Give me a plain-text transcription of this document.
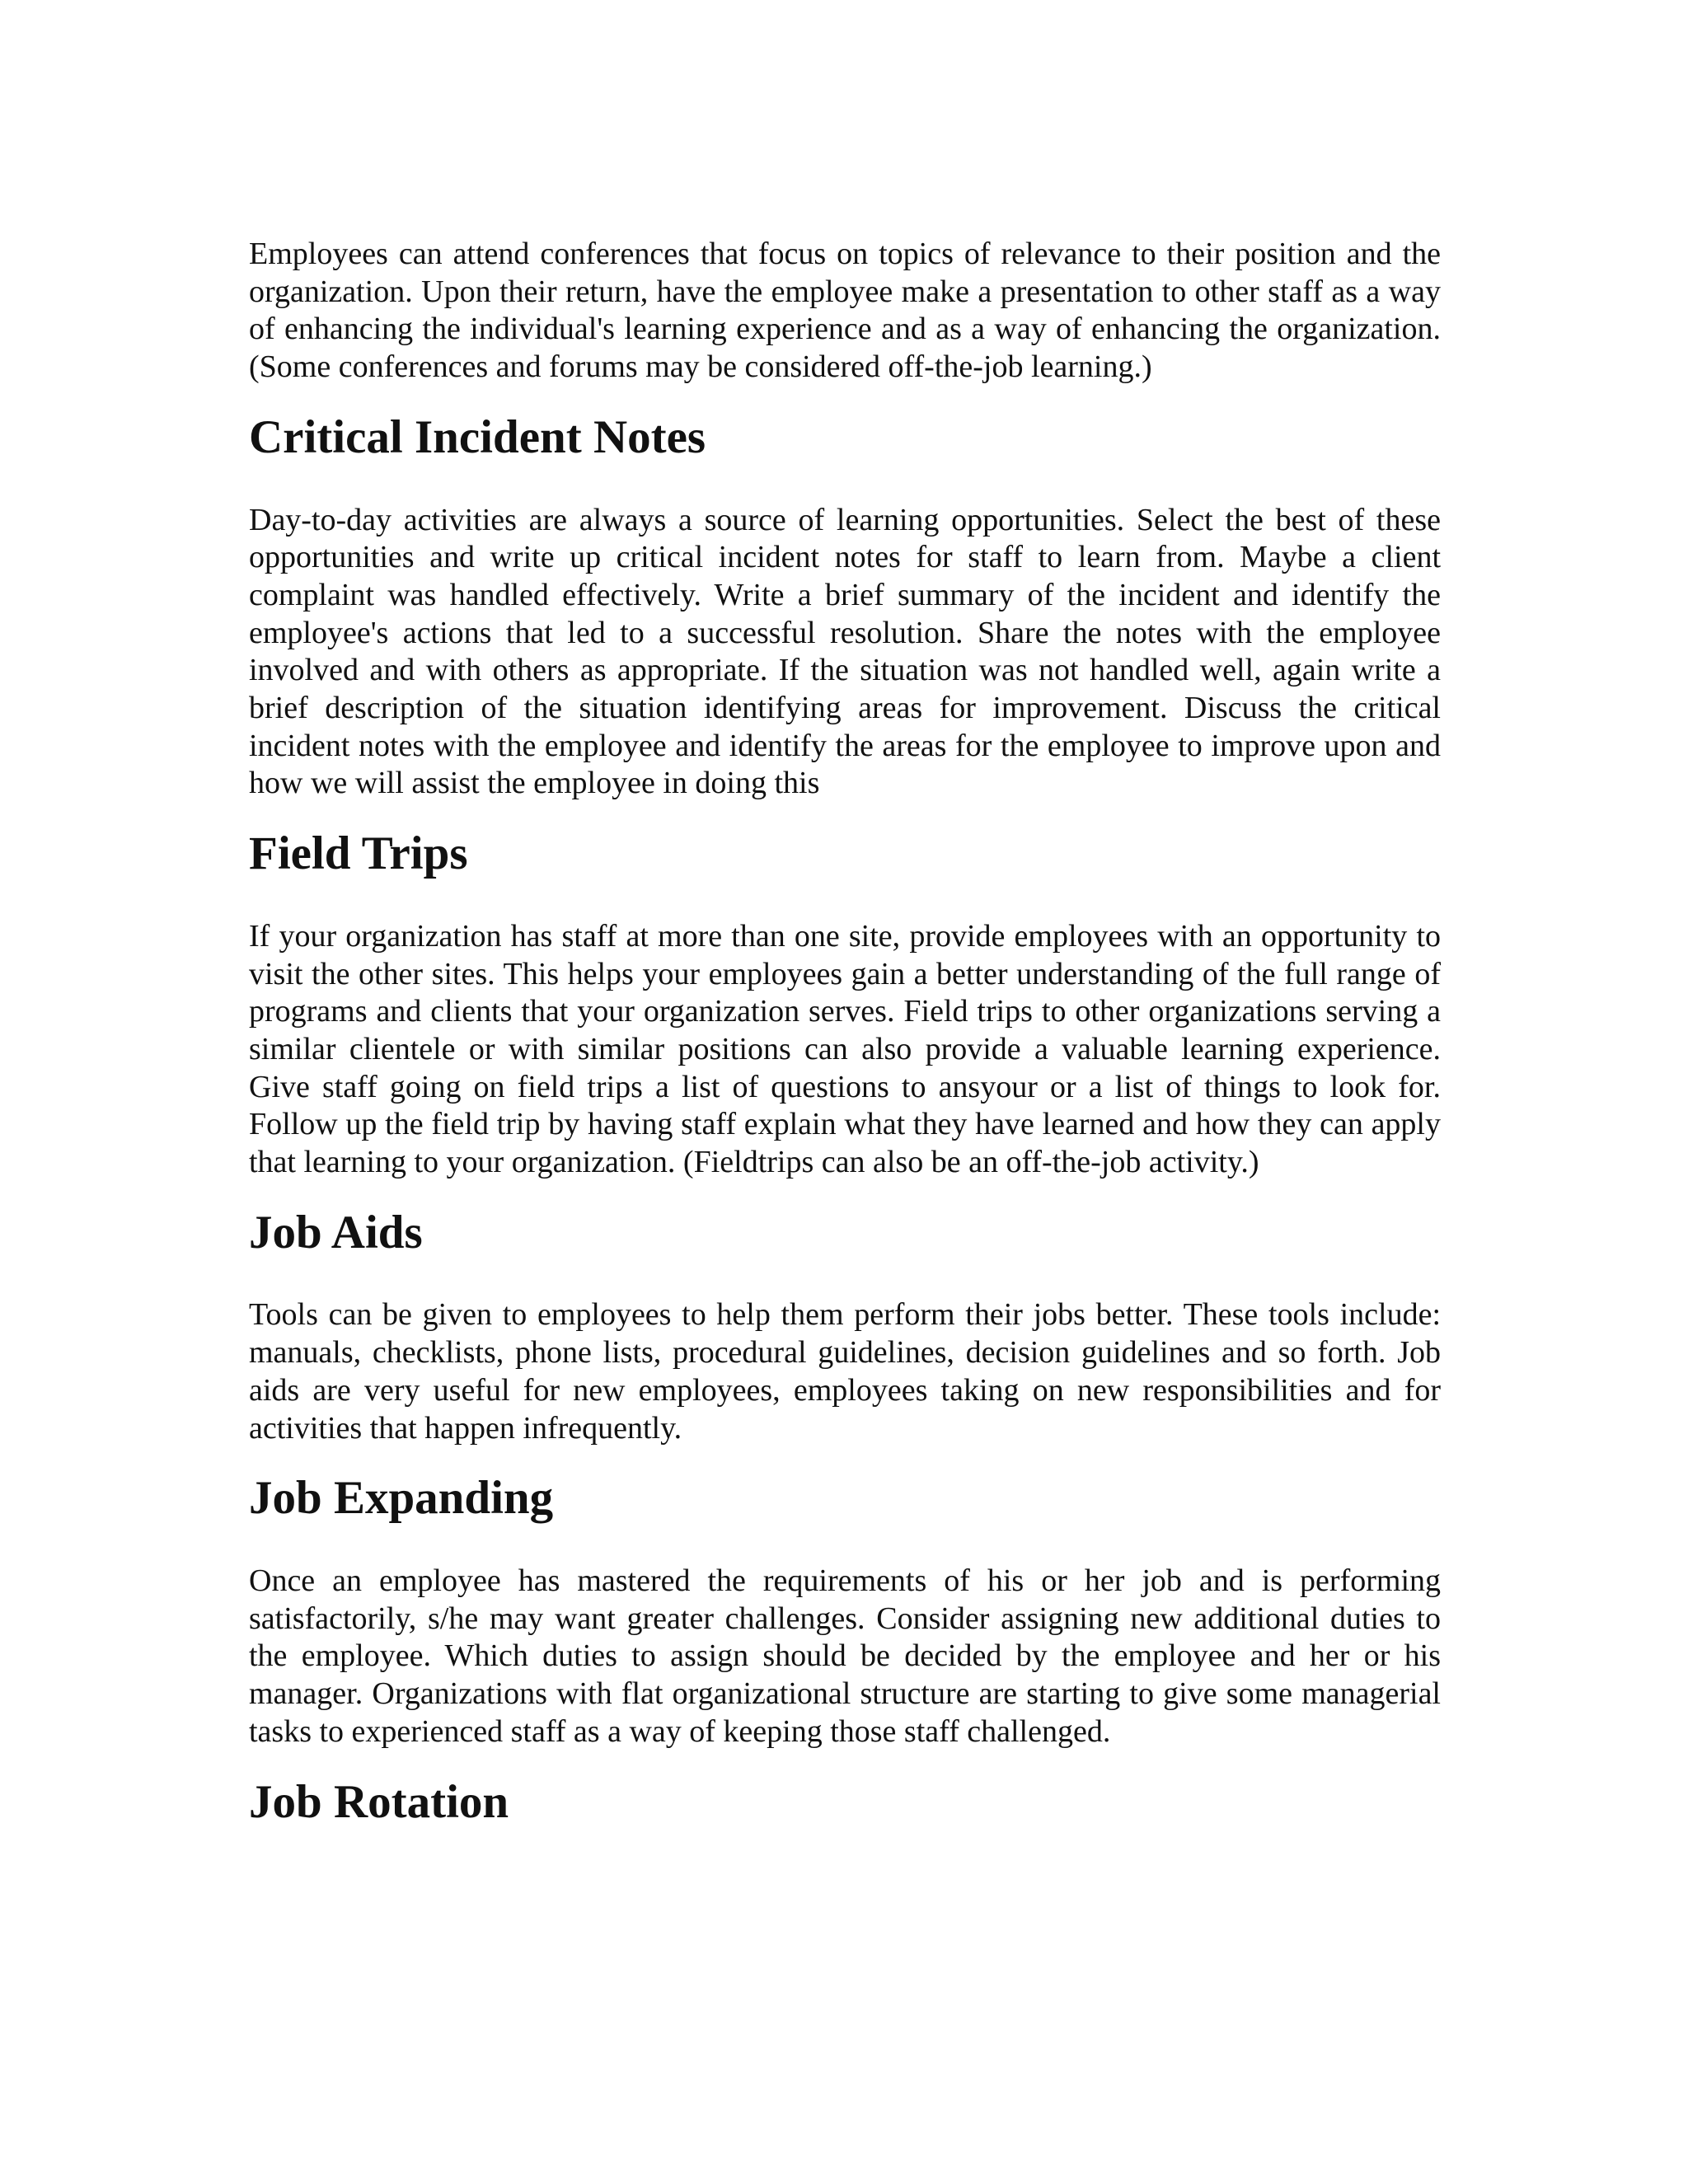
Employees can attend conferences that focus on topics of relevance to their position and the organization. Upon their return, have the employee make a presentation to other staff as a way of enhancing the individual's learning experience and as a way of enhancing the organization. (Some conferences and forums may be considered off-the-job learning.)

Critical Incident Notes

Day-to-day activities are always a source of learning opportunities. Select the best of these opportunities and write up critical incident notes for staff to learn from. Maybe a client complaint was handled effectively. Write a brief summary of the incident and identify the employee's actions that led to a successful resolution. Share the notes with the employee involved and with others as appropriate. If the situation was not handled well, again write a brief description of the situation identifying areas for improvement. Discuss the critical incident notes with the employee and identify the areas for the employee to improve upon and how we will assist the employee in doing this

Field Trips

If your organization has staff at more than one site, provide employees with an opportunity to visit the other sites. This helps your employees gain a better understanding of the full range of programs and clients that your organization serves. Field trips to other organizations serving a similar clientele or with similar positions can also provide a valuable learning experience. Give staff going on field trips a list of questions to ansyour or a list of things to look for. Follow up the field trip by having staff explain what they have learned and how they can apply that learning to your organization. (Fieldtrips can also be an off-the-job activity.)

Job Aids

Tools can be given to employees to help them perform their jobs better. These tools include: manuals, checklists, phone lists, procedural guidelines, decision guidelines and so forth. Job aids are very useful for new employees, employees taking on new responsibilities and for activities that happen infrequently.

Job Expanding

Once an employee has mastered the requirements of his or her job and is performing satisfactorily, s/he may want greater challenges. Consider assigning new additional duties to the employee. Which duties to assign should be decided by the employee and her or his manager. Organizations with flat organizational structure are starting to give some managerial tasks to experienced staff as a way of keeping those staff challenged.

Job Rotation
